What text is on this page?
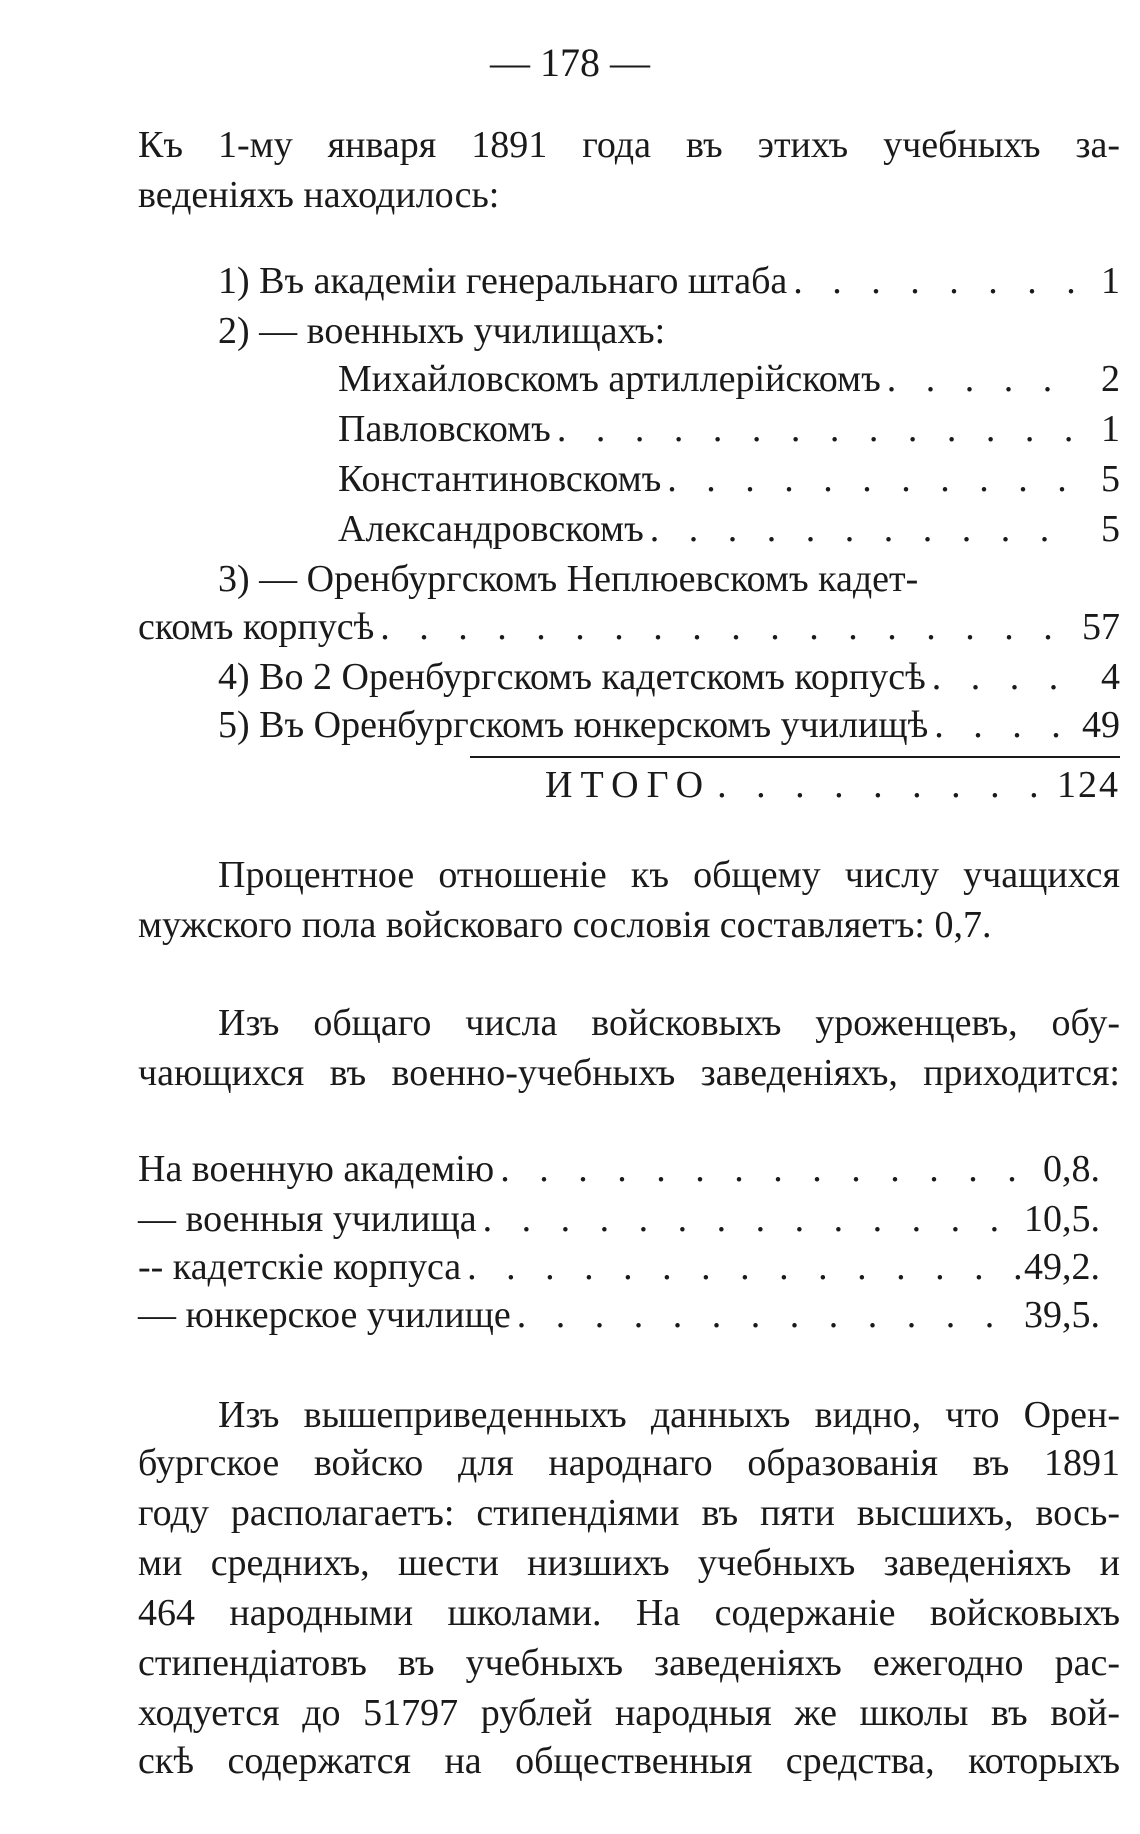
— 178 —
Къ 1-му января 1891 года въ этихъ учебныхъ за-
веденіяхъ находилось:
1) Въ академіи генеральнаго штаба . . .	1
2) — военныхъ училищахъ:
Михайловскомъ артиллерійскомъ . . .	2
Павловскомъ . . .	1
Константиновскомъ . . .	5
Александровскомъ . . .	5
3) — Оренбургскомъ Неплюевскомъ кадет-
скомъ корпусѣ . . .	57
4) Во 2 Оренбургскомъ кадетскомъ корпусѣ . . .	4
5) Въ Оренбургскомъ юнкерскомъ училищѣ . . .	49
ИТОГО . . .	124
Процентное отношеніе къ общему числу учащихся
мужского пола войсковаго сословія составляетъ: 0,7.
Изъ общаго числа войсковыхъ уроженцевъ, обу-
чающихся въ военно-учебныхъ заведеніяхъ, приходится:
На военную академію . . .	0,8.
— военныя училища . . .	10,5.
-- кадетскіе корпуса . . .	49,2.
— юнкерское училище . . .	39,5.
Изъ вышеприведенныхъ данныхъ видно, что Орен-
бургское войско для народнаго образованія въ 1891
году располагаетъ: стипендіями въ пяти высшихъ, вось-
ми среднихъ, шести низшихъ учебныхъ заведеніяхъ и
464 народными школами. На содержаніе войсковыхъ
стипендіатовъ въ учебныхъ заведеніяхъ ежегодно рас-
ходуется до 51797 рублей народныя же школы въ вой-
скѣ содержатся на общественныя средства, которыхъ
